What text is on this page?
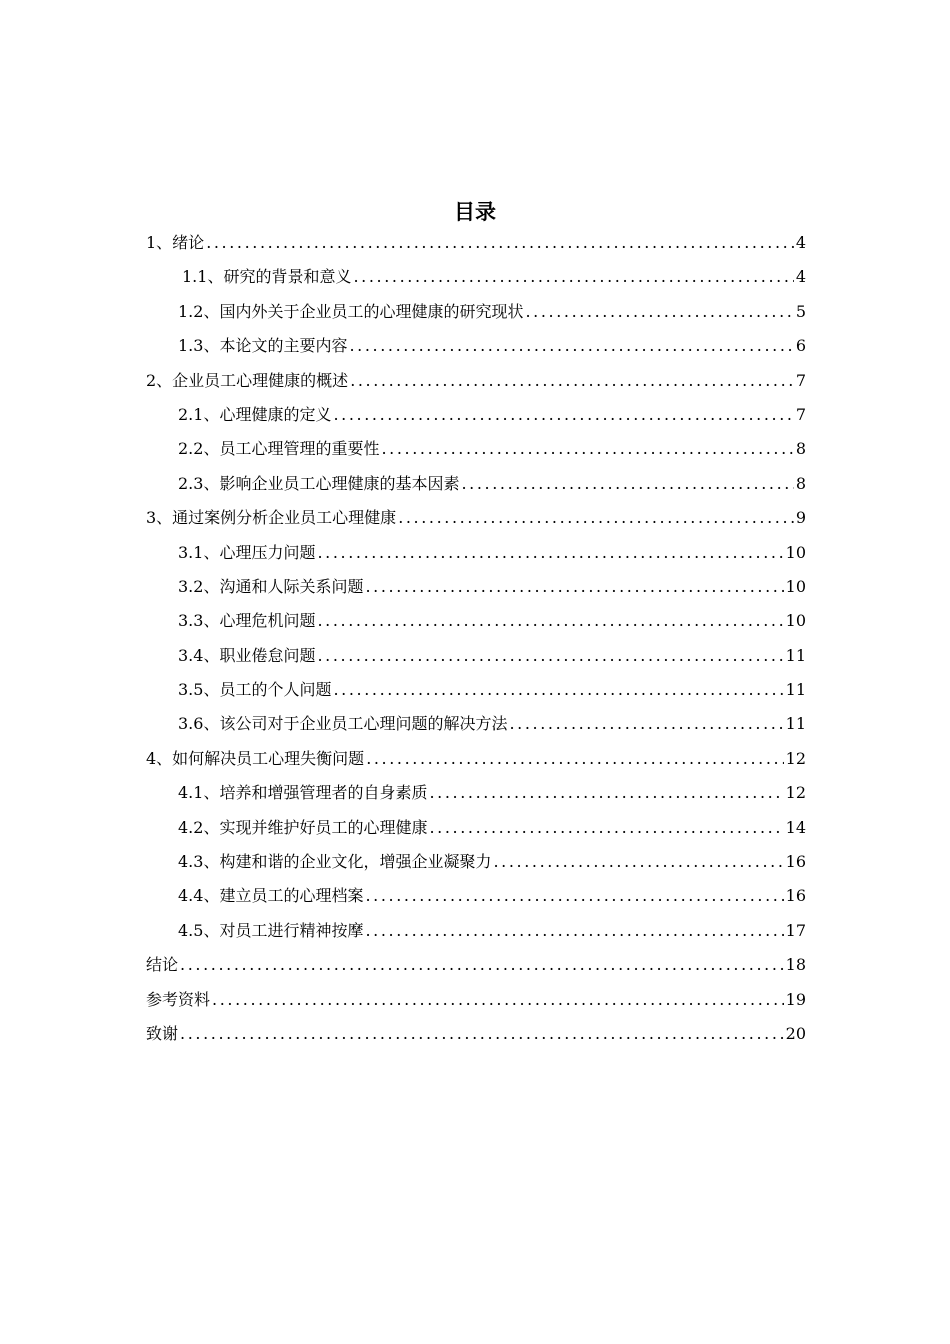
目录
1、绪论 .....	4
1.1、研究的背景和意义 .....	4
1.2、国内外关于企业员工的心理健康的研究现状 .....	5
1.3、本论文的主要内容 .....	6
2、企业员工心理健康的概述 .....	7
2.1、心理健康的定义 .....	7
2.2、员工心理管理的重要性 .....	8
2.3、影响企业员工心理健康的基本因素 .....	8
3、通过案例分析企业员工心理健康 .....	9
3.1、心理压力问题 .....	10
3.2、沟通和人际关系问题 .....	10
3.3、心理危机问题 .....	10
3.4、职业倦怠问题 .....	11
3.5、员工的个人问题 .....	11
3.6、该公司对于企业员工心理问题的解决方法 .....	11
4、如何解决员工心理失衡问题 .....	12
4.1、培养和增强管理者的自身素质 .....	12
4.2、实现并维护好员工的心理健康 .....	14
4.3、构建和谐的企业文化，增强企业凝聚力 .....	16
4.4、建立员工的心理档案 .....	16
4.5、对员工进行精神按摩 .....	17
结论 .....	18
参考资料 .....	19
致谢 .....	20
